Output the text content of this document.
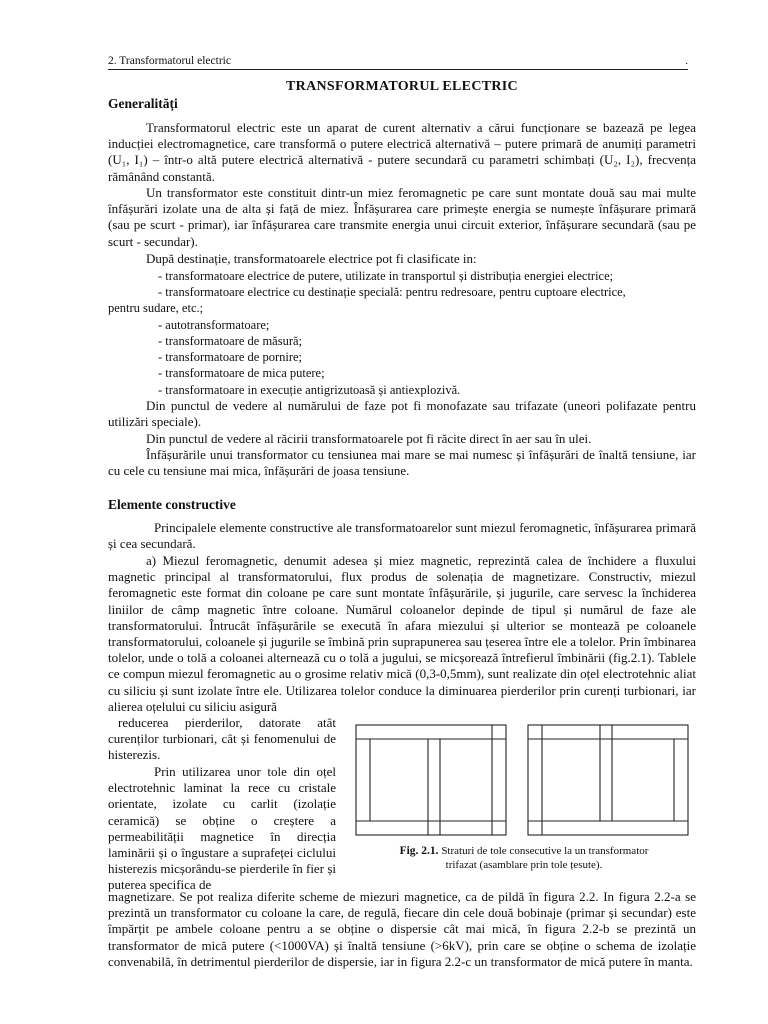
2. Transformatorul electric	.
TRANSFORMATORUL ELECTRIC
Generalități
Transformatorul electric este un aparat de curent alternativ a cărui funcționare se bazează pe legea inducției electromagnetice, care transformă o putere electrică alternativă – putere primară de anumiți parametri (U₁, I₁) – într-o altă putere electrică alternativă - putere secundară cu parametri schimbați (U₂, I₂), frecvența rămânând constantă.
Un transformator este constituit dintr-un miez feromagnetic pe care sunt montate două sau mai multe înfășurări izolate una de alta și față de miez. Înfășurarea care primește energia se numește înfășurare primară (sau pe scurt - primar), iar înfășurarea care transmite energia unui circuit exterior, înfășurare secundară (sau pe scurt - secundar).
După destinație, transformatoarele electrice pot fi clasificate in:
- transformatoare electrice de putere, utilizate in transportul și distribuția energiei electrice;
- transformatoare electrice cu destinație specială: pentru redresoare, pentru cuptoare electrice,
pentru sudare, etc.;
- autotransformatoare;
- transformatoare de măsură;
- transformatoare de pornire;
- transformatoare de mica putere;
- transformatoare in execuție antigrizutoasă și antiexplozivă.
Din punctul de vedere al numărului de faze pot fi monofazate sau trifazate (uneori polifazate pentru utilizări speciale).
Din punctul de vedere al răcirii transformatoarele pot fi răcite direct în aer sau în ulei.
Înfășurările unui transformator cu tensiunea mai mare se mai numesc și înfășurări de înaltă tensiune, iar cu cele cu tensiune mai mica, înfășurări de joasa tensiune.
Elemente constructive
Principalele elemente constructive ale transformatoarelor sunt miezul feromagnetic, înfășurarea primară și cea secundară.
a) Miezul feromagnetic, denumit adesea și miez magnetic, reprezintă calea de închidere a fluxului magnetic principal al transformatorului, flux produs de solenația de magnetizare. Constructiv, miezul feromagnetic este format din coloane pe care sunt montate înfășurările, și jugurile, care servesc la închiderea liniilor de câmp magnetic între coloane. Numărul coloanelor depinde de tipul și numărul de faze ale transformatorului. Întrucât înfășurările se execută în afara miezului și ulterior se montează pe coloanele transformatorului, coloanele și jugurile se îmbină prin suprapunerea sau țeserea între ele a tolelor. Prin îmbinarea tolelor, unde o tolă a coloanei alternează cu o tolă a jugului, se micșorează întrefierul îmbinării (fig.2.1). Tablele ce compun miezul feromagnetic au o grosime relativ mică (0,3-0,5mm), sunt realizate din oțel electrotehnic aliat cu siliciu și sunt izolate între ele. Utilizarea tolelor conduce la diminuarea pierderilor prin curenți turbionari, iar alierea oțelului cu siliciu asigură
reducerea pierderilor, datorate atât curenților turbionari, cât și fenomenului de histerezis.
Prin utilizarea unor tole din oțel electrotehnic laminat la rece cu cristale orientate, izolate cu carlit (izolație ceramică) se obține o creștere a permeabilității magnetice în direcția laminării și o îngustare a suprafeței ciclului histerezis micșorându-se pierderile în fier și puterea specifica de
Fig. 2.1. Straturi de tole consecutive la un transformator
trifazat (asamblare prin tole țesute).
magnetizare. Se pot realiza diferite scheme de miezuri magnetice, ca de pildă în figura 2.2. In figura 2.2-a se prezintă un transformator cu coloane la care, de regulă, fiecare din cele două bobinaje (primar și secundar) este împărțit pe ambele coloane pentru a se obține o dispersie cât mai mică, în figura 2.2-b se prezintă un transformator de mică putere (<1000VA) și înaltă tensiune (>6kV), prin care se obține o schema de izolație convenabilă, în detrimentul pierderilor de dispersie, iar in figura 2.2-c un transformator de mică putere în manta.
